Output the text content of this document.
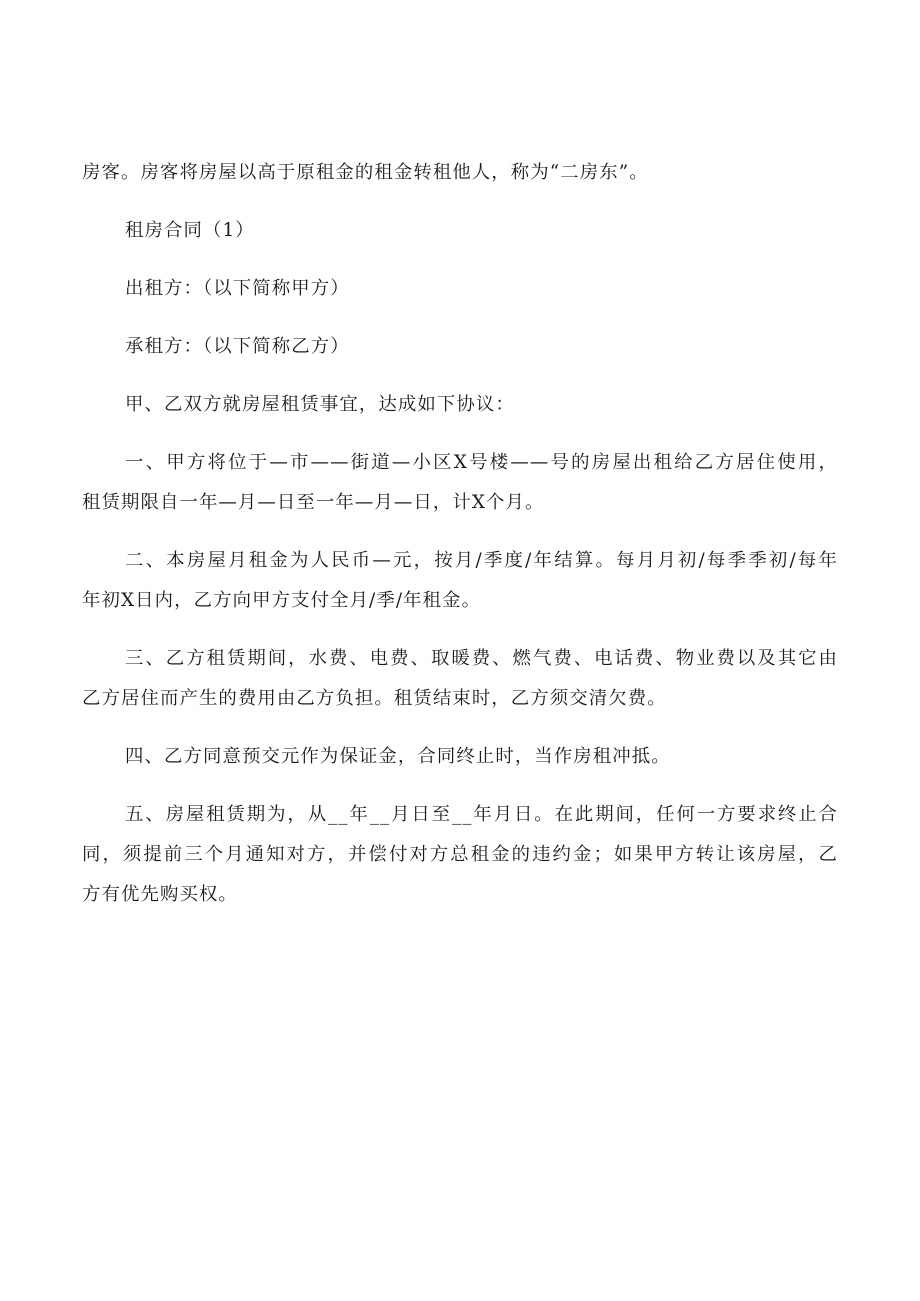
房客。房客将房屋以高于原租金的租金转租他人，称为“二房东”。
租房合同（1）
出租方：（以下简称甲方）
承租方：（以下简称乙方）
甲、乙双方就房屋租赁事宜，达成如下协议：
一、甲方将位于—市——街道—小区X号楼——号的房屋出租给乙方居住使用，
租赁期限自一年—月—日至一年—月—日，计X个月。
二、本房屋月租金为人民币—元，按月/季度/年结算。每月月初/每季季初/每年
年初X日内，乙方向甲方支付全月/季/年租金。
三、乙方租赁期间，水费、电费、取暖费、燃气费、电话费、物业费以及其它由
乙方居住而产生的费用由乙方负担。租赁结束时，乙方须交清欠费。
四、乙方同意预交元作为保证金，合同终止时，当作房租冲抵。
五、房屋租赁期为，从__年__月日至__年月日。在此期间，任何一方要求终止合
同，须提前三个月通知对方，并偿付对方总租金的违约金；如果甲方转让该房屋，乙
方有优先购买权。
